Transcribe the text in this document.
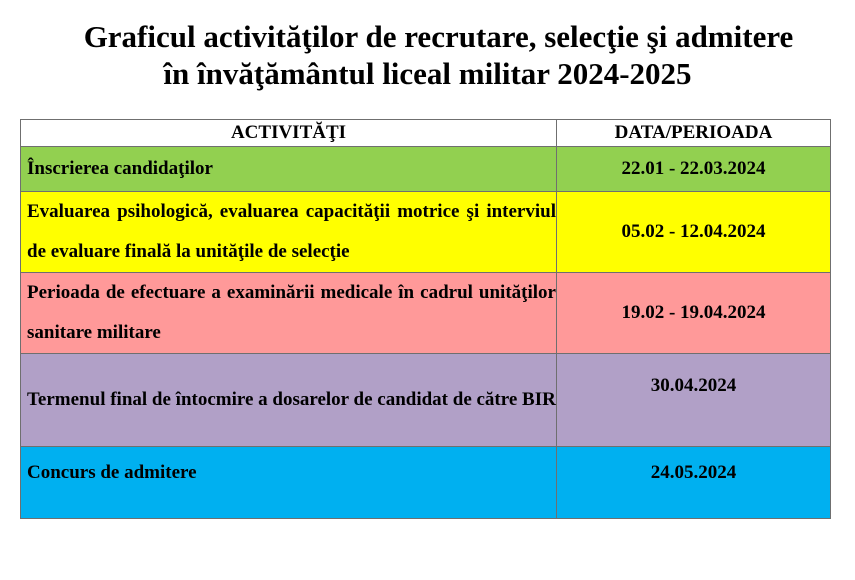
Graficul activităţilor de recrutare, selecţie şi admitere
în învăţământul liceal militar 2024-2025
ACTIVITĂŢI	DATA/PERIOADA
Înscrierea candidaţilor	22.01 - 22.03.2024
Evaluarea psihologică, evaluarea capacităţii motrice şi interviul de evaluare finală la unităţile de selecţie	05.02 - 12.04.2024
Perioada de efectuare a examinării medicale în cadrul unităţilor sanitare militare	19.02 - 19.04.2024
Termenul final de întocmire a dosarelor de candidat de către BIR	30.04.2024
Concurs de admitere	24.05.2024
